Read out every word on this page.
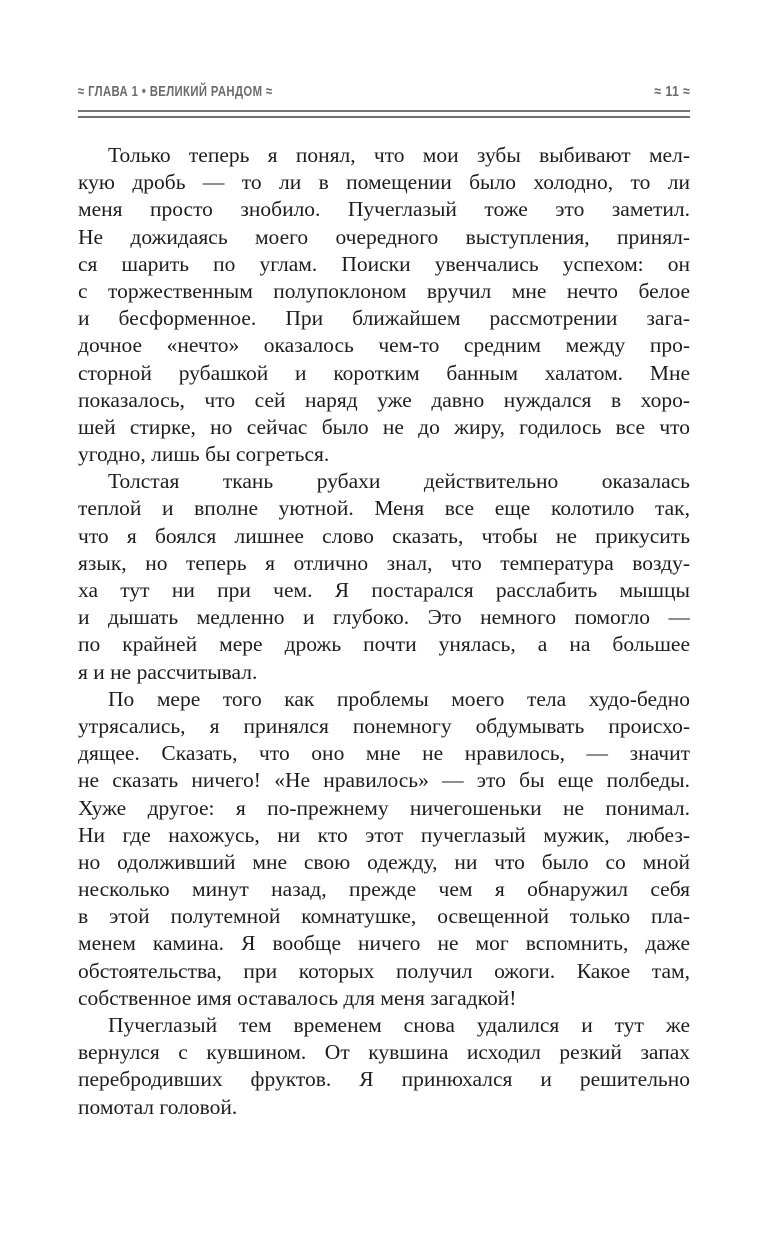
≈ ГЛАВА 1 • ВЕЛИКИЙ РАНДОМ ≈	≈ 11 ≈
Только теперь я понял, что мои зубы выбивают мел-
кую дробь — то ли в помещении было холодно, то ли
меня просто знобило. Пучеглазый тоже это заметил.
Не дожидаясь моего очередного выступления, принял-
ся шарить по углам. Поиски увенчались успехом: он
с торжественным полупоклоном вручил мне нечто белое
и бесформенное. При ближайшем рассмотрении зага-
дочное «нечто» оказалось чем-то средним между про-
сторной рубашкой и коротким банным халатом. Мне
показалось, что сей наряд уже давно нуждался в хоро-
шей стирке, но сейчас было не до жиру, годилось все что
угодно, лишь бы согреться.
Толстая ткань рубахи действительно оказалась
теплой и вполне уютной. Меня все еще колотило так,
что я боялся лишнее слово сказать, чтобы не прикусить
язык, но теперь я отлично знал, что температура возду-
ха тут ни при чем. Я постарался расслабить мышцы
и дышать медленно и глубоко. Это немного помогло —
по крайней мере дрожь почти унялась, а на большее
я и не рассчитывал.
По мере того как проблемы моего тела худо-бедно
утрясались, я принялся понемногу обдумывать происхо-
дящее. Сказать, что оно мне не нравилось, — значит
не сказать ничего! «Не нравилось» — это бы еще полбеды.
Хуже другое: я по-прежнему ничегошеньки не понимал.
Ни где нахожусь, ни кто этот пучеглазый мужик, любез-
но одолживший мне свою одежду, ни что было со мной
несколько минут назад, прежде чем я обнаружил себя
в этой полутемной комнатушке, освещенной только пла-
менем камина. Я вообще ничего не мог вспомнить, даже
обстоятельства, при которых получил ожоги. Какое там,
собственное имя оставалось для меня загадкой!
Пучеглазый тем временем снова удалился и тут же
вернулся с кувшином. От кувшина исходил резкий запах
перебродивших фруктов. Я принюхался и решительно
помотал головой.
